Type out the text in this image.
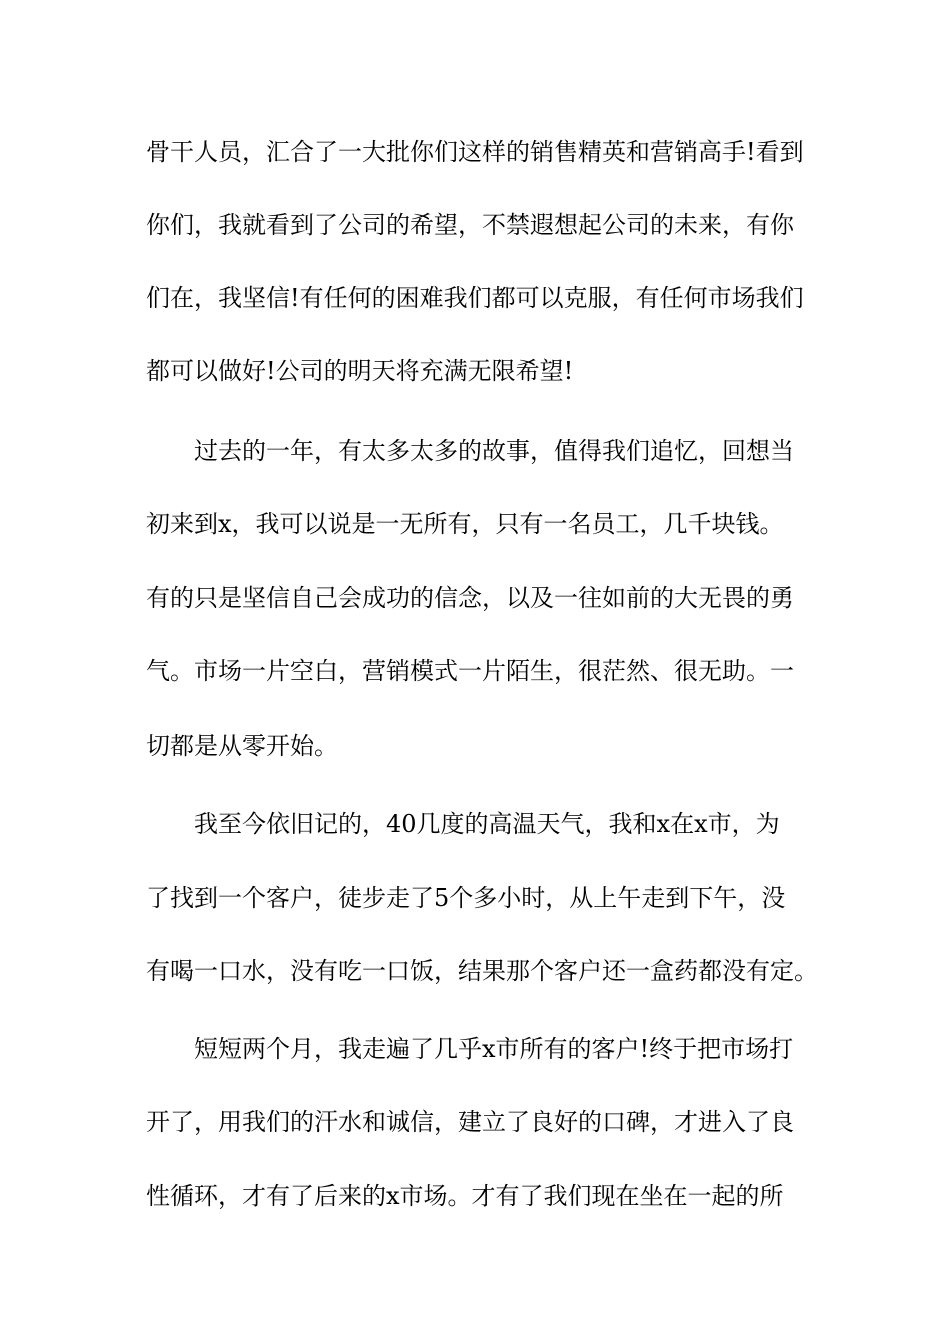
骨干人员，汇合了一大批你们这样的销售精英和营销高手!看到
你们，我就看到了公司的希望，不禁遐想起公司的未来，有你
们在，我坚信!有任何的困难我们都可以克服，有任何市场我们
都可以做好!公司的明天将充满无限希望!
过去的一年，有太多太多的故事，值得我们追忆，回想当
初来到x，我可以说是一无所有，只有一名员工，几千块钱。
有的只是坚信自己会成功的信念，以及一往如前的大无畏的勇
气。市场一片空白，营销模式一片陌生，很茫然、很无助。一
切都是从零开始。
我至今依旧记的，40几度的高温天气，我和x在x市，为
了找到一个客户，徒步走了5个多小时，从上午走到下午，没
有喝一口水，没有吃一口饭，结果那个客户还一盒药都没有定。
短短两个月，我走遍了几乎x市所有的客户!终于把市场打
开了，用我们的汗水和诚信，建立了良好的口碑，才进入了良
性循环，才有了后来的x市场。才有了我们现在坐在一起的所
